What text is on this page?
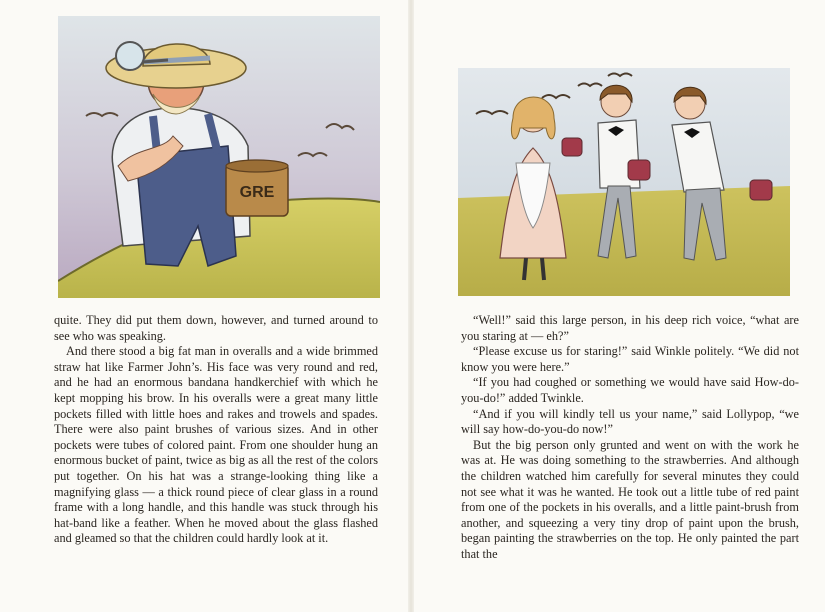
GRE

quite. They did put them down, however, and turned around to see who was speaking.

And there stood a big fat man in overalls and a wide brimmed straw hat like Farmer John’s. His face was very round and red, and he had an enormous bandana handkerchief with which he kept mopping his brow. In his overalls were a great many little pockets filled with little hoes and rakes and trowels and spades. There were also paint brushes of various sizes. And in other pockets were tubes of colored paint. From one shoulder hung an enormous bucket of paint, twice as big as all the rest of the colors put together. On his hat was a strange-looking thing like a magnifying glass — a thick round piece of clear glass in a round frame with a long handle, and this handle was stuck through his hat-band like a feather. When he moved about the glass flashed and gleamed so that the children could hardly look at it.

“Well!” said this large person, in his deep rich voice, “what are you staring at — eh?”

“Please excuse us for staring!” said Winkle politely. “We did not know you were here.”

“If you had coughed or something we would have said How-do-you-do!” added Twinkle.

“And if you will kindly tell us your name,” said Lollypop, “we will say how-do-you-do now!”

But the big person only grunted and went on with the work he was at. He was doing something to the strawberries. And although the children watched him carefully for several minutes they could not see what it was he wanted. He took out a little tube of red paint from one of the pockets in his overalls, and a little paint-brush from another, and squeezing a very tiny drop of paint upon the brush, began painting the strawberries on the top. He only painted the part that the
